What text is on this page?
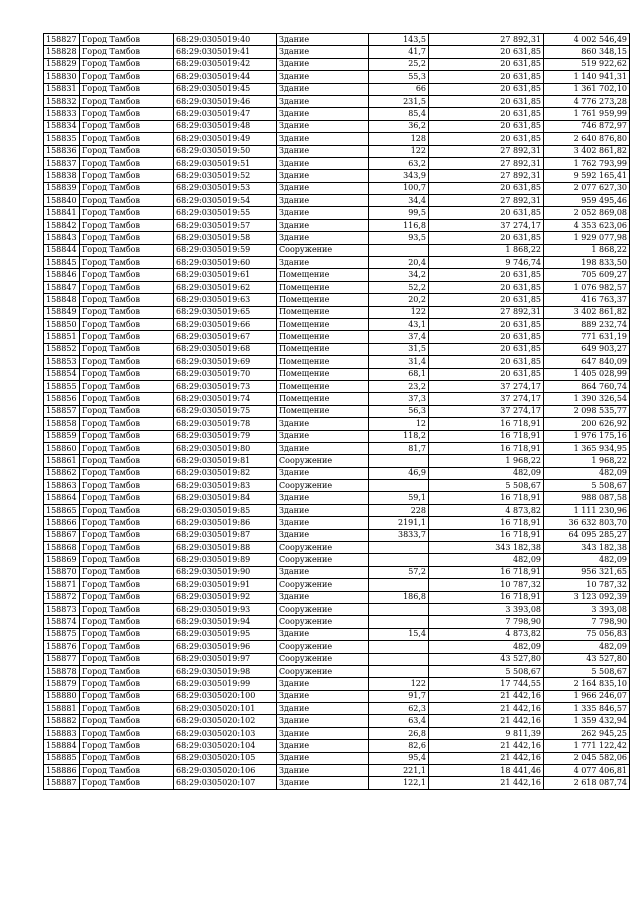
158827	Город Тамбов	68:29:0305019:40	Здание	143,5	27 892,31	4 002 546,49
158828	Город Тамбов	68:29:0305019:41	Здание	41,7	20 631,85	860 348,15
158829	Город Тамбов	68:29:0305019:42	Здание	25,2	20 631,85	519 922,62
158830	Город Тамбов	68:29:0305019:44	Здание	55,3	20 631,85	1 140 941,31
158831	Город Тамбов	68:29:0305019:45	Здание	66	20 631,85	1 361 702,10
158832	Город Тамбов	68:29:0305019:46	Здание	231,5	20 631,85	4 776 273,28
158833	Город Тамбов	68:29:0305019:47	Здание	85,4	20 631,85	1 761 959,99
158834	Город Тамбов	68:29:0305019:48	Здание	36,2	20 631,85	746 872,97
158835	Город Тамбов	68:29:0305019:49	Здание	128	20 631,85	2 640 876,80
158836	Город Тамбов	68:29:0305019:50	Здание	122	27 892,31	3 402 861,82
158837	Город Тамбов	68:29:0305019:51	Здание	63,2	27 892,31	1 762 793,99
158838	Город Тамбов	68:29:0305019:52	Здание	343,9	27 892,31	9 592 165,41
158839	Город Тамбов	68:29:0305019:53	Здание	100,7	20 631,85	2 077 627,30
158840	Город Тамбов	68:29:0305019:54	Здание	34,4	27 892,31	959 495,46
158841	Город Тамбов	68:29:0305019:55	Здание	99,5	20 631,85	2 052 869,08
158842	Город Тамбов	68:29:0305019:57	Здание	116,8	37 274,17	4 353 623,06
158843	Город Тамбов	68:29:0305019:58	Здание	93,5	20 631,85	1 929 077,98
158844	Город Тамбов	68:29:0305019:59	Сооружение		1 868,22	1 868,22
158845	Город Тамбов	68:29:0305019:60	Здание	20,4	9 746,74	198 833,50
158846	Город Тамбов	68:29:0305019:61	Помещение	34,2	20 631,85	705 609,27
158847	Город Тамбов	68:29:0305019:62	Помещение	52,2	20 631,85	1 076 982,57
158848	Город Тамбов	68:29:0305019:63	Помещение	20,2	20 631,85	416 763,37
158849	Город Тамбов	68:29:0305019:65	Помещение	122	27 892,31	3 402 861,82
158850	Город Тамбов	68:29:0305019:66	Помещение	43,1	20 631,85	889 232,74
158851	Город Тамбов	68:29:0305019:67	Помещение	37,4	20 631,85	771 631,19
158852	Город Тамбов	68:29:0305019:68	Помещение	31,5	20 631,85	649 903,27
158853	Город Тамбов	68:29:0305019:69	Помещение	31,4	20 631,85	647 840,09
158854	Город Тамбов	68:29:0305019:70	Помещение	68,1	20 631,85	1 405 028,99
158855	Город Тамбов	68:29:0305019:73	Помещение	23,2	37 274,17	864 760,74
158856	Город Тамбов	68:29:0305019:74	Помещение	37,3	37 274,17	1 390 326,54
158857	Город Тамбов	68:29:0305019:75	Помещение	56,3	37 274,17	2 098 535,77
158858	Город Тамбов	68:29:0305019:78	Здание	12	16 718,91	200 626,92
158859	Город Тамбов	68:29:0305019:79	Здание	118,2	16 718,91	1 976 175,16
158860	Город Тамбов	68:29:0305019:80	Здание	81,7	16 718,91	1 365 934,95
158861	Город Тамбов	68:29:0305019:81	Сооружение		1 968,22	1 968,22
158862	Город Тамбов	68:29:0305019:82	Здание	46,9	482,09	482,09
158863	Город Тамбов	68:29:0305019:83	Сооружение		5 508,67	5 508,67
158864	Город Тамбов	68:29:0305019:84	Здание	59,1	16 718,91	988 087,58
158865	Город Тамбов	68:29:0305019:85	Здание	228	4 873,82	1 111 230,96
158866	Город Тамбов	68:29:0305019:86	Здание	2191,1	16 718,91	36 632 803,70
158867	Город Тамбов	68:29:0305019:87	Здание	3833,7	16 718,91	64 095 285,27
158868	Город Тамбов	68:29:0305019:88	Сооружение		343 182,38	343 182,38
158869	Город Тамбов	68:29:0305019:89	Сооружение		482,09	482,09
158870	Город Тамбов	68:29:0305019:90	Здание	57,2	16 718,91	956 321,65
158871	Город Тамбов	68:29:0305019:91	Сооружение		10 787,32	10 787,32
158872	Город Тамбов	68:29:0305019:92	Здание	186,8	16 718,91	3 123 092,39
158873	Город Тамбов	68:29:0305019:93	Сооружение		3 393,08	3 393,08
158874	Город Тамбов	68:29:0305019:94	Сооружение		7 798,90	7 798,90
158875	Город Тамбов	68:29:0305019:95	Здание	15,4	4 873,82	75 056,83
158876	Город Тамбов	68:29:0305019:96	Сооружение		482,09	482,09
158877	Город Тамбов	68:29:0305019:97	Сооружение		43 527,80	43 527,80
158878	Город Тамбов	68:29:0305019:98	Сооружение		5 508,67	5 508,67
158879	Город Тамбов	68:29:0305019:99	Здание	122	17 744,55	2 164 835,10
158880	Город Тамбов	68:29:0305020:100	Здание	91,7	21 442,16	1 966 246,07
158881	Город Тамбов	68:29:0305020:101	Здание	62,3	21 442,16	1 335 846,57
158882	Город Тамбов	68:29:0305020:102	Здание	63,4	21 442,16	1 359 432,94
158883	Город Тамбов	68:29:0305020:103	Здание	26,8	9 811,39	262 945,25
158884	Город Тамбов	68:29:0305020:104	Здание	82,6	21 442,16	1 771 122,42
158885	Город Тамбов	68:29:0305020:105	Здание	95,4	21 442,16	2 045 582,06
158886	Город Тамбов	68:29:0305020:106	Здание	221,1	18 441,46	4 077 406,81
158887	Город Тамбов	68:29:0305020:107	Здание	122,1	21 442,16	2 618 087,74
